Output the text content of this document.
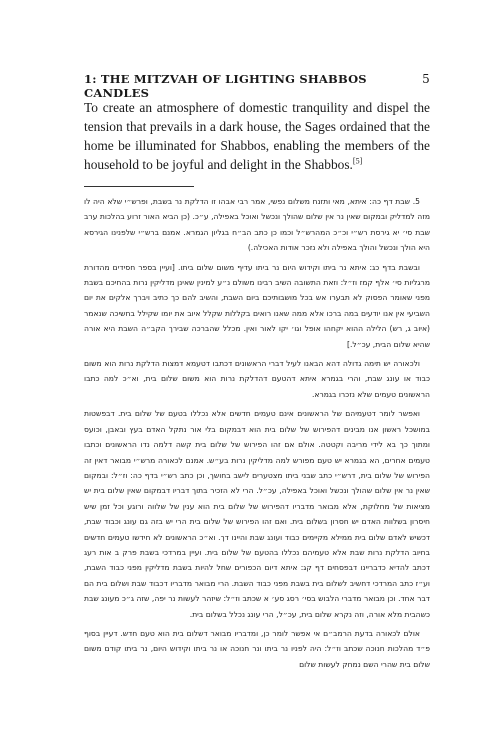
1: THE MITZVAH OF LIGHTING SHABBOS CANDLES
5
To create an atmosphere of domestic tranquility and dispel the tension that prevails in a dark house, the Sages ordained that the home be illuminated for Shabbos, enabling the members of the household to be joyful and delight in the Shabbos.[5]

5. שבת דף כה: איתא, מאי ותזנח משלום נפשי, אמר רבי אבהו זו הדלקת נר בשבת, ופרש״י שלא היה לו מזה למדליק ובמקום שאין נר אין שלום שהולך ונכשל ואוכל באפילה, ע״כ. (כן הביא האור זרוע בהלכות ערב שבת סי׳ יא גירסת רש״י וכ״כ המהרש״ל וכמו כן כתב הב״ח בגליון הגמרא. אמנם ברש״י שלפנינו הגירסא היא הולך ונכשל והולך באפילה ולא נזכר אודות האכילה.)

ובשבת בדף כג: איתא נר ביתו וקידוש היום נר ביתו עדיף משום שלום ביתו. [ועיין בספר חסידים מהדורת מרגליות סי׳ אלף קמז וז״ל: וזאת התשובה השיב רבינו משולם נ״ע למינין שאינן מדליקין נרות בהחיכם בשבת מפני שאומר הפסוק לא תבערו אש בכל מושבותיכם ביום השבת, והשיב להם כך כתיב ויברך אלקים את יום השביעי אין אנו יודעים במה ברכו אלא ממה שאנו רואים בקללות שקלל איוב את יומו שקילל בחשיכה שנאמר (איוב ג, רש) הלילה ההוא יקחהו אופל וגו׳ יקו לאור ואין. מכלל שהברכה שבירך הקב״ה השבת היא אורה שהיא שלום הבית, עכ״ל.]

ולכאורה יש תימה גדולה דהא הבאנו לעיל דברי הראשונים דכתבו דטעמא דמצות הדלקת נרות הוא משום כבוד או עונג שבת, והרי בגמרא איתא דהטעם דהדלקת נרות הוא משום שלום בית, וא״כ למה כתבו הראשונים טעמים שלא נזכרו בגמרא.

ואפשר לומר דטעמיהם של הראשונים אינם טעמים חדשים אלא נכללו בטעם של שלום בית. דבפשטות במושכל ראשון אנו מבינים דהפירוש של שלום בית הוא דבמקום בלי אור נתקל האדם בעץ ובאבן, וכועס ומתוך כך בא לידי מריבה וקטטה. אולם אם זהו הפירוש של שלום בית קשה דלמה נדו הראשונים וכתבו טעמים אחרים, הא בגמרא יש טעם מפורש למה מדליקין נרות בע״ש. אמנם לכאורה מרש״י מבואר דאין זה הפירוש של שלום בית, דרש״י כתב שבני ביתו מצטערים לישב בחושך, וכן כתב רש״י בדף כה: וז״ל: ובמקום שאין נר אין שלום שהולך ונכשל ואוכל באפילה, עכ״ל. הרי לא הזכיר בתוך דבריו דבמקום שאין שלום בית יש מציאות של מחלוקת, אלא מבואר מדבריו דהפירוש של שלום בית הוא ענין של שלווה ורוגע וכל זמן שיש חיסרון בשלוות האדם יש חסרון בשלום בית. ואם זהו הפירוש של שלום בית הרי יש בזה גם עונג וכבוד שבת, דכשיש לאדם שלום בית ממילא מקיימים כבוד ועונג שבת והיינו דך. וא״כ הראשונים לא חידשו טעמים חדשים בחיוב הדלקת נרות שבת אלא טעמיהם נכללו בהטעם של שלום בית. ועיין במרדכי בשבת פרק ב אות רעג דכתב להדיא כדבריינו דבפסחים דף קג: איתא דיום הכפורים שחל להיות בשבת מדליקין מפני כבוד השבת, וע״ז כתב המרדכי דחשיב לשלום בית בשבת מפני כבוד השבת. הרי מבואר מדבריו דכבוד שבת ושלום בית הם דבר אחד. וכן מבואר מדברי הלבוש בסי׳ רסג סע׳ א שכתב וז״ל: שיזהר לעשות נר יפה, שזה ג״כ מעונג שבת כשהבית מלא אורה, וזה נקרא שלום בית, עכ״ל, הרי עונג נכלל בשלום בית.

אולם לכאורה בדעת הרמב״ם אי אפשר לומר כן, ומדבריו מבואר דשלום בית הוא טעם חדש. דעיין בסוף פ״ד מהלכות חנוכה שכתב וז״ל: היה לפניו נר ביתו ונר חנוכה או נר ביתו וקידוש היום, נר ביתו קודם משום שלום בית שהרי השם נמחק לעשות שלום
